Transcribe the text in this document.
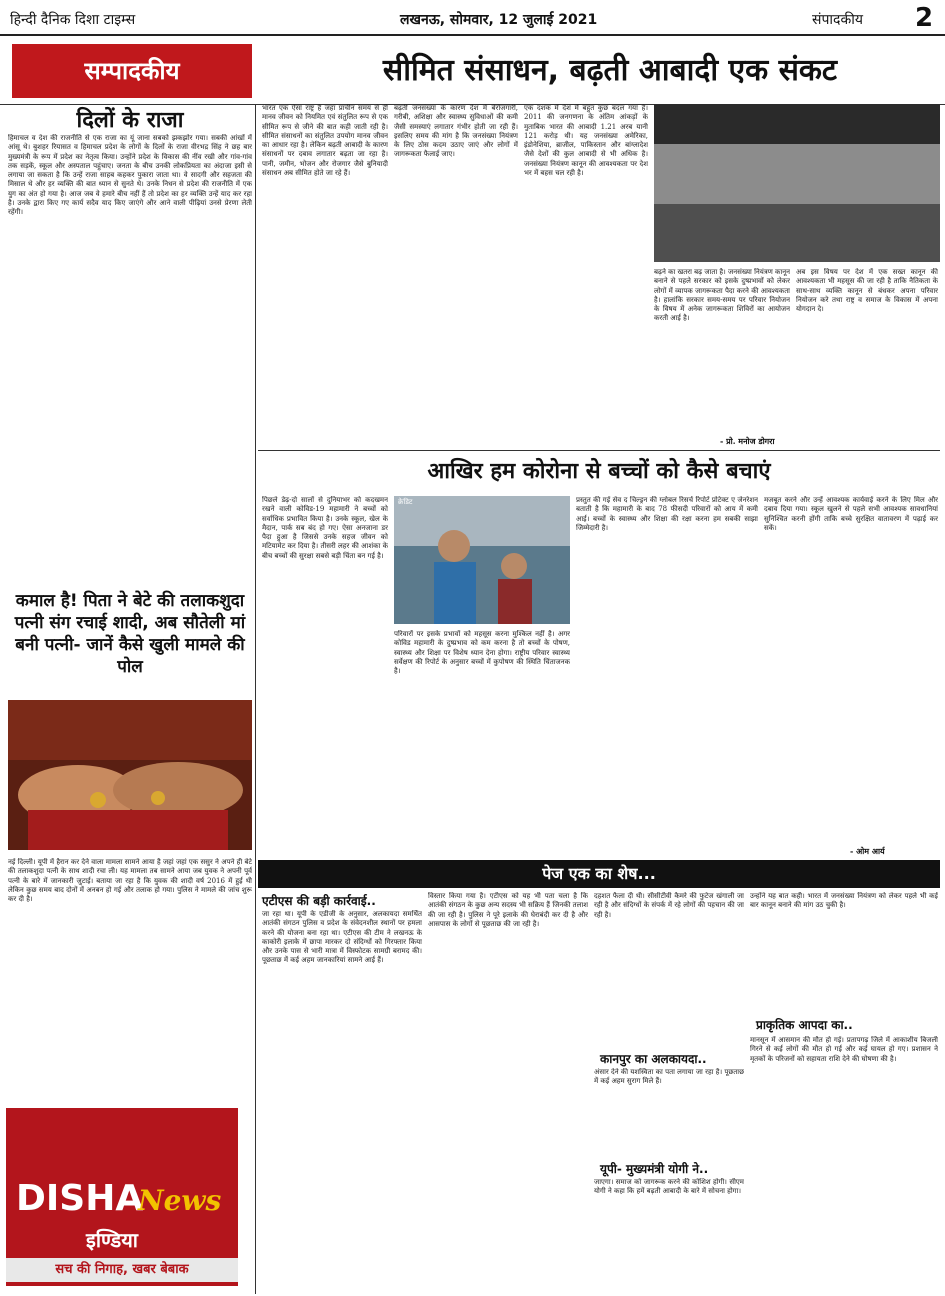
हिन्दी दैनिक दिशा टाइम्स	लखनऊ, सोमवार, 12 जुलाई 2021	संपादकीय 2
सम्पादकीय	सीमित संसाधन, बढ़ती आबादी एक संकट
दिलों के राजा
हिमाचल व देश की राजनीति से एक राजा का यूं जाना सबको झकझोर गया। सबकी आंखों में आंसू थे। बुशहर रियासत व हिमाचल प्रदेश के लोगों के दिलों के राजा वीरभद्र सिंह ने छह बार मुख्यमंत्री के रूप में प्रदेश का नेतृत्व किया। उन्होंने प्रदेश के विकास की नींव रखी और गांव-गांव तक सड़कें, स्कूल और अस्पताल पहुंचाए। जनता के बीच उनकी लोकप्रियता का अंदाजा इसी से लगाया जा सकता है कि उन्हें राजा साहब कहकर पुकारा जाता था। वे सादगी और सहजता की मिसाल थे और हर व्यक्ति की बात ध्यान से सुनते थे। उनके निधन से प्रदेश की राजनीति में एक युग का अंत हो गया है। आज जब वे हमारे बीच नहीं हैं तो प्रदेश का हर व्यक्ति उन्हें याद कर रहा है। उनके द्वारा किए गए कार्य सदैव याद किए जाएंगे और आने वाली पीढ़ियां उनसे प्रेरणा लेती रहेंगी।
कमाल है! पिता ने बेटे की तलाकशुदा पत्नी संग रचाई शादी, अब सौतेली मां बनी पत्नी- जानें कैसे खुली मामले की पोल
नई दिल्ली। यूपी में हैरान कर देने वाला मामला सामने आया है जहां जहां एक ससुर ने अपने ही बेटे की तलाकशुदा पत्नी के साथ शादी रचा ली। यह मामला तब सामने आया जब युवक ने अपनी पूर्व पत्नी के बारे में जानकारी जुटाई। बताया जा रहा है कि युवक की शादी वर्ष 2016 में हुई थी लेकिन कुछ समय बाद दोनों में अनबन हो गई और तलाक हो गया। पुलिस ने मामले की जांच शुरू कर दी है।
DISHA
News
इण्डिया
सच की निगाह, खबर बेबाक
भारत एक ऐसा राष्ट्र है जहां प्राचीन समय से ही मानव जीवन को नियमित एवं संतुलित रूप से एक सीमित रूप से जीने की बात कही जाती रही है। सीमित संसाधनों का संतुलित उपयोग मानव जीवन का आधार रहा है। लेकिन बढ़ती आबादी के कारण संसाधनों पर दबाव लगातार बढ़ता जा रहा है। पानी, जमीन, भोजन और रोजगार जैसे बुनियादी संसाधन अब सीमित होते जा रहे हैं।
बढ़ती जनसंख्या के कारण देश में बेरोजगारी, गरीबी, अशिक्षा और स्वास्थ्य सुविधाओं की कमी जैसी समस्याएं लगातार गंभीर होती जा रही हैं। इसलिए समय की मांग है कि जनसंख्या नियंत्रण के लिए ठोस कदम उठाए जाएं और लोगों में जागरूकता फैलाई जाए।
एक दशक में देश में बहुत कुछ बदल गया है। 2011 की जनगणना के अंतिम आंकड़ों के मुताबिक भारत की आबादी 1.21 अरब यानी 121 करोड़ थी। यह जनसंख्या अमेरिका, इंडोनेशिया, ब्राजील, पाकिस्तान और बांग्लादेश जैसे देशों की कुल आबादी से भी अधिक है। जनसंख्या नियंत्रण कानून की आवश्यकता पर देश भर में बहस चल रही है।
बढ़ने का खतरा बढ़ जाता है। जनसंख्या नियंत्रण कानून बनाने से पहले सरकार को इसके दुष्प्रभावों को लेकर लोगों में व्यापक जागरूकता पैदा करने की आवश्यकता है। हालांकि सरकार समय-समय पर परिवार नियोजन के विषय में अनेक जागरूकता शिविरों का आयोजन करती आई है।
अब इस विषय पर देश में एक सख्त कानून की आवश्यकता भी महसूस की जा रही है ताकि नैतिकता के साथ-साथ व्यक्ति कानून से बंधकर अपना परिवार नियोजन करे तथा राष्ट्र व समाज के विकास में अपना योगदान दे।
- प्रो. मनोज डोगरा
आखिर हम कोरोना से बच्चों को कैसे बचाएं
पिछले डेढ़-दो सालों से दुनियाभर को कदखमन रखने वाली कोविड-19 महामारी ने बच्चों को सर्वाधिक प्रभावित किया है। उनके स्कूल, खेल के मैदान, पार्क सब बंद हो गए। ऐसा अनजाना डर पैदा हुआ है जिससे उनके सहज जीवन को मटियामेट कर दिया है। तीसरी लहर की आशंका के बीच बच्चों की सुरक्षा सबसे बड़ी चिंता बन गई है।
क्रेडिट
परिवारों पर इसके प्रभावों को महसूस करना मुश्किल नहीं है। अगर कोविड महामारी के दुष्प्रभाव को कम करना है तो बच्चों के पोषण, स्वास्थ्य और शिक्षा पर विशेष ध्यान देना होगा। राष्ट्रीय परिवार स्वास्थ्य सर्वेक्षण की रिपोर्ट के अनुसार बच्चों में कुपोषण की स्थिति चिंताजनक है।
प्रस्तुत की गई सेव द चिल्ड्रन की ग्लोबल रिसर्च रिपोर्ट प्रोटेक्ट ए जेनरेशन बताती है कि महामारी के बाद 78 फीसदी परिवारों को आय में कमी आई। बच्चों के स्वास्थ्य और शिक्षा की रक्षा करना हम सबकी साझा जिम्मेदारी है।
मजबूत करने और उन्हें आवश्यक कार्यवाई करने के लिए मिल और दबाव दिया गया। स्कूल खुलने से पहले सभी आवश्यक सावधानियां सुनिश्चित करनी होंगी ताकि बच्चे सुरक्षित वातावरण में पढ़ाई कर सकें।
- ओम आर्य
पेज एक का शेष...
एटीएस की बड़ी कार्रवाई..
जा रहा था। यूपी के एडीजी के अनुसार, अलकायदा समर्थित आतंकी संगठन पुलिस व प्रदेश के संवेदनशील स्थानों पर हमला करने की योजना बना रहा था। एटीएस की टीम ने लखनऊ के काकोरी इलाके में छापा मारकर दो संदिग्धों को गिरफ्तार किया और उनके पास से भारी मात्रा में विस्फोटक सामग्री बरामद की। पूछताछ में कई अहम जानकारियां सामने आई हैं।
विस्तार किया गया है। एटीएस को यह भी पता चला है कि आतंकी संगठन के कुछ अन्य सदस्य भी सक्रिय हैं जिनकी तलाश की जा रही है। पुलिस ने पूरे इलाके की घेराबंदी कर दी है और आसपास के लोगों से पूछताछ की जा रही है।
दहशत फैला दी थी। सीसीटीवी कैमरे की फुटेज खंगाली जा रही है और संदिग्धों के संपर्क में रहे लोगों की पहचान की जा रही है।
कानपुर का अलकायदा..
अंसार देने की यशस्विता का पता लगाया जा रहा है। पूछताछ में कई अहम सुराग मिले हैं।
यूपी- मुख्यमंत्री योगी ने..
जाएगा। समाज को जागरूक करने की कोशिश होगी। सीएम योगी ने कहा कि हमें बढ़ती आबादी के बारे में सोचना होगा।
उन्होंने यह बात कही। भारत में जनसंख्या नियंत्रण को लेकर पहले भी कई बार कानून बनाने की मांग उठ चुकी है।
प्राकृतिक आपदा का..
मानसून में आसमान की मौत हो गई। प्रतापगढ़ जिले में आकाशीय बिजली गिरने से कई लोगों की मौत हो गई और कई घायल हो गए। प्रशासन ने मृतकों के परिजनों को सहायता राशि देने की घोषणा की है।
